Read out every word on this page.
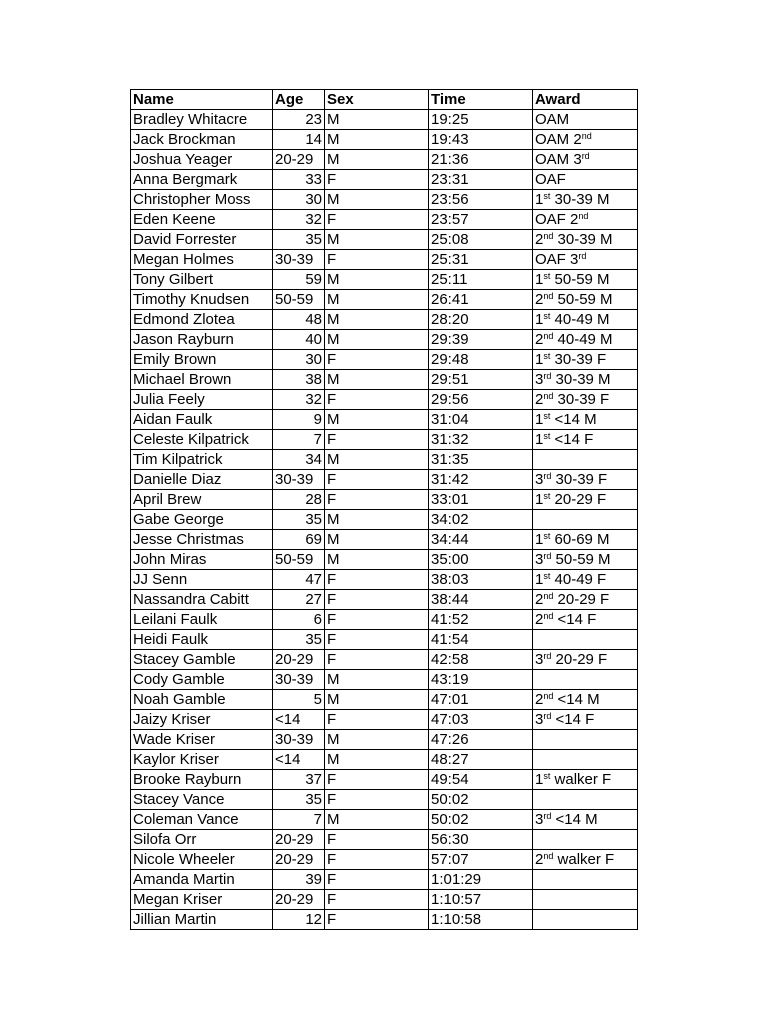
Name	Age	Sex	Time	Award
Bradley Whitacre	23	M	19:25	OAM
Jack Brockman	14	M	19:43	OAM 2nd
Joshua Yeager	20-29	M	21:36	OAM 3rd
Anna Bergmark	33	F	23:31	OAF
Christopher Moss	30	M	23:56	1st 30-39 M
Eden Keene	32	F	23:57	OAF 2nd
David Forrester	35	M	25:08	2nd 30-39 M
Megan Holmes	30-39	F	25:31	OAF 3rd
Tony Gilbert	59	M	25:11	1st 50-59 M
Timothy Knudsen	50-59	M	26:41	2nd 50-59 M
Edmond Zlotea	48	M	28:20	1st 40-49 M
Jason Rayburn	40	M	29:39	2nd 40-49 M
Emily Brown	30	F	29:48	1st 30-39 F
Michael Brown	38	M	29:51	3rd 30-39 M
Julia Feely	32	F	29:56	2nd 30-39 F
Aidan Faulk	9	M	31:04	1st <14 M
Celeste Kilpatrick	7	F	31:32	1st <14 F
Tim Kilpatrick	34	M	31:35	
Danielle Diaz	30-39	F	31:42	3rd 30-39 F
April Brew	28	F	33:01	1st 20-29 F
Gabe George	35	M	34:02	
Jesse Christmas	69	M	34:44	1st 60-69 M
John Miras	50-59	M	35:00	3rd 50-59 M
JJ Senn	47	F	38:03	1st 40-49 F
Nassandra Cabitt	27	F	38:44	2nd 20-29 F
Leilani Faulk	6	F	41:52	2nd <14 F
Heidi Faulk	35	F	41:54	
Stacey Gamble	20-29	F	42:58	3rd 20-29 F
Cody Gamble	30-39	M	43:19	
Noah Gamble	5	M	47:01	2nd <14 M
Jaizy Kriser	<14	F	47:03	3rd <14 F
Wade Kriser	30-39	M	47:26	
Kaylor Kriser	<14	M	48:27	
Brooke Rayburn	37	F	49:54	1st walker F
Stacey Vance	35	F	50:02	
Coleman Vance	7	M	50:02	3rd <14 M
Silofa Orr	20-29	F	56:30	
Nicole Wheeler	20-29	F	57:07	2nd walker F
Amanda Martin	39	F	1:01:29	
Megan Kriser	20-29	F	1:10:57	
Jillian Martin	12	F	1:10:58	
